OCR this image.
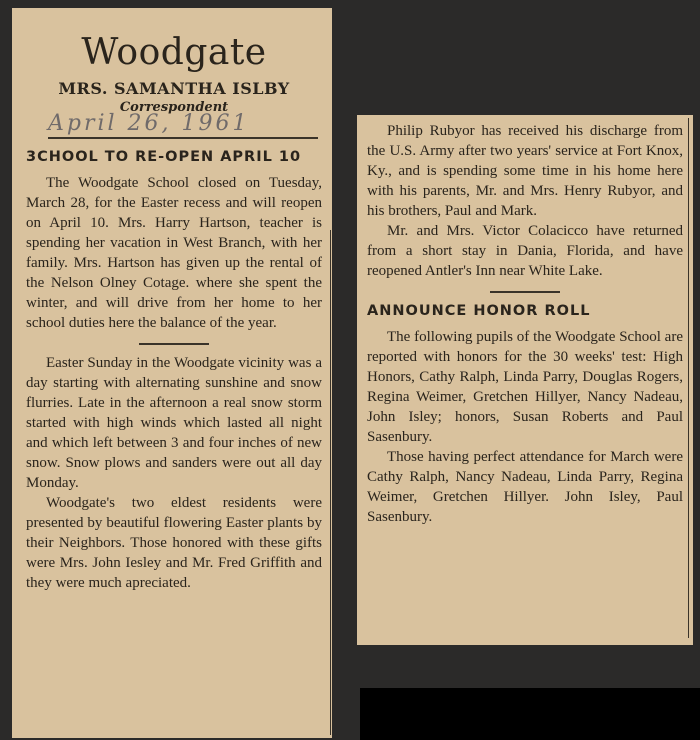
Woodgate
MRS. SAMANTHA ISLBY
Correspondent
April 26, 1961
3CHOOL TO RE-OPEN APRIL 10

The Woodgate School closed on Tuesday, March 28, for the Easter recess and will reopen on April 10. Mrs. Harry Hartson, teacher is spending her vacation in West Branch, with her family. Mrs. Hartson has given up the rental of the Nelson Olney Cotage. where she spent the winter, and will drive from her home to her school duties here the balance of the year.

Easter Sunday in the Woodgate vicinity was a day starting with alternating sunshine and snow flurries. Late in the afternoon a real snow storm started with high winds which lasted all night and which left between 3 and four inches of new snow. Snow plows and sanders were out all day Monday.

Woodgate's two eldest residents were presented by beautiful flowering Easter plants by their Neighbors. Those honored with these gifts were Mrs. John Iesley and Mr. Fred Griffith and they were much apreciated.

Philip Rubyor has received his discharge from the U.S. Army after two years' service at Fort Knox, Ky., and is spending some time in his home here with his parents, Mr. and Mrs. Henry Rubyor, and his brothers, Paul and Mark.

Mr. and Mrs. Victor Colacicco have returned from a short stay in Dania, Florida, and have reopened Antler's Inn near White Lake.

ANNOUNCE HONOR ROLL

The following pupils of the Woodgate School are reported with honors for the 30 weeks' test: High Honors, Cathy Ralph, Linda Parry, Douglas Rogers, Regina Weimer, Gretchen Hillyer, Nancy Nadeau, John Isley; honors, Susan Roberts and Paul Sasenbury.

Those having perfect attendance for March were Cathy Ralph, Nancy Nadeau, Linda Parry, Regina Weimer, Gretchen Hillyer. John Isley, Paul Sasenbury.
